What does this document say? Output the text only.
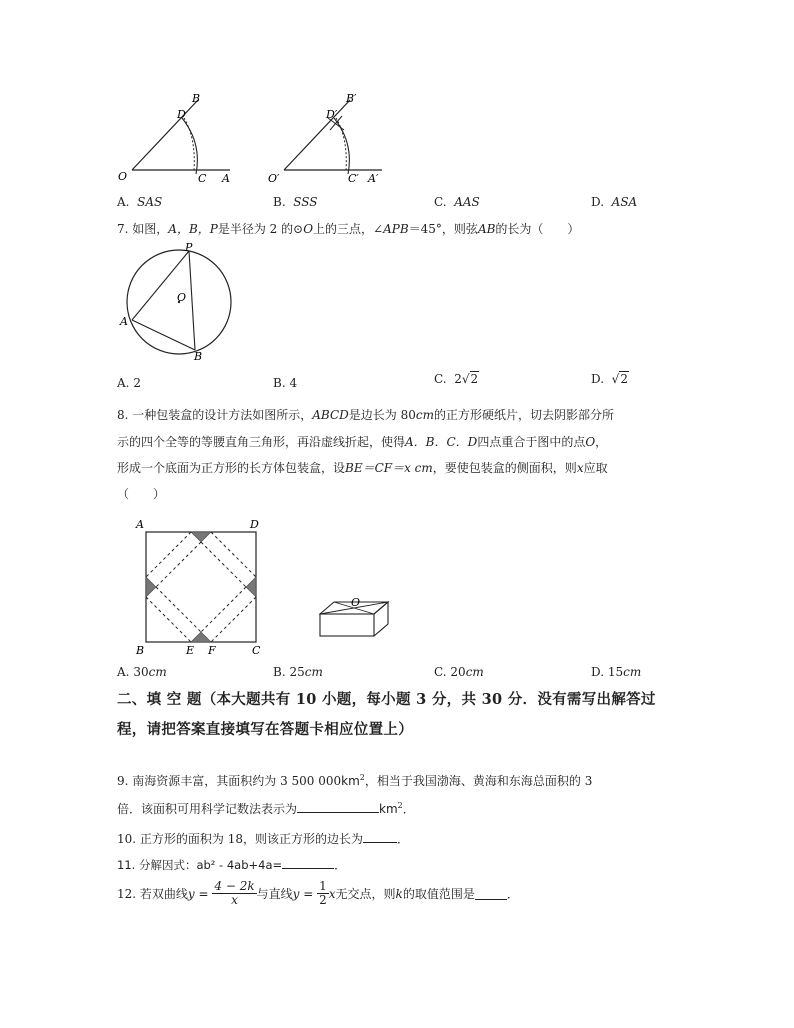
B
D
O	C A
B′
D′
O′	C′ A′
A. SAS	B. SSS	C. AAS	D. ASA
7. 如图，A，B，P是半径为 2 的⊙O上的三点，∠APB＝45°，则弦AB的长为（　　）
P
O
A
B
A. 2	B. 4	C. 2√2	D. √2
8. 一种包装盒的设计方法如图所示，ABCD是边长为 80cm的正方形硬纸片，切去阴影部分所
示的四个全等的等腰直角三角形，再沿虚线折起，使得A．B．C．D四点重合于图中的点O，
形成一个底面为正方形的长方体包装盒，设BE＝CF＝x cm，要使包装盒的侧面积，则x应取
（　　）
A	D
B	E F	C
O
A. 30cm	B. 25cm	C. 20cm	D. 15cm
二、填 空 题（本大题共有 10 小题，每小题 3 分，共 30 分．没有需写出解答过
程，请把答案直接填写在答题卡相应位置上）
9. 南海资源丰富，其面积约为 3 500 $000km^2$，相当于我国渤海、黄海和东海总面积的 3
倍．该面积可用科学记数法表示为	$km^2$．
10. 正方形的面积为 18，则该正方形的边长为	．
11. 分解因式：ab² - 4ab+4a=	．
12. 若双曲线 $y = \frac{4 - 2k}{x}$ 与直线 $y = \frac{1}{2}$ x 无交点，则 k 的取值范围是	．
